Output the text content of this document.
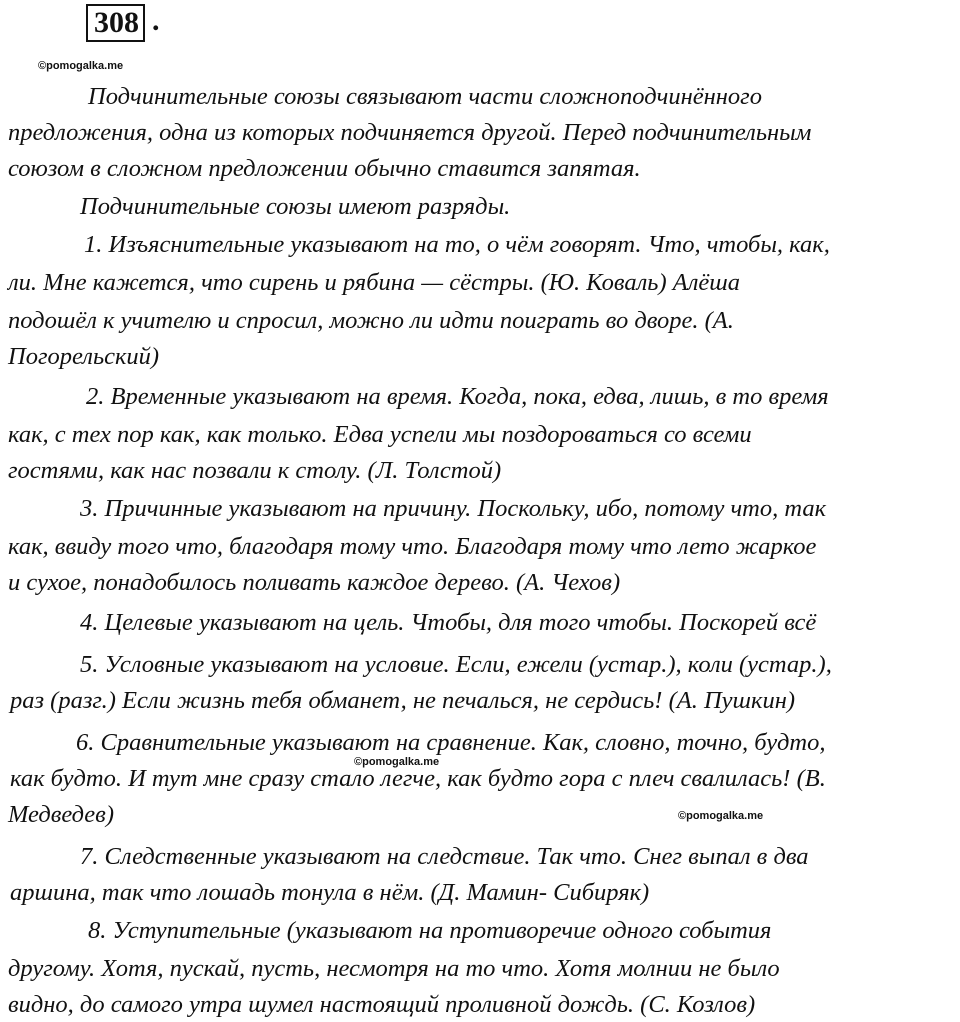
308 .
©pomogalka.me
©pomogalka.me
©pomogalka.me
Подчинительные союзы связывают части сложноподчинённого
предложения, одна из которых подчиняется другой. Перед подчинительным
союзом в сложном предложении обычно ставится запятая.
Подчинительные союзы имеют разряды.
1. Изъяснительные указывают на то, о чём говорят. Что, чтобы, как,
ли. Мне кажется, что сирень и рябина — сёстры. (Ю. Коваль) Алёша
подошёл к учителю и спросил, можно ли идти поиграть во дворе. (А.
Погорельский)
2. Временные указывают на время. Когда, пока, едва, лишь, в то время
как, с тех пор как, как только. Едва успели мы поздороваться со всеми
гостями, как нас позвали к столу. (Л. Толстой)
3. Причинные указывают на причину. Поскольку, ибо, потому что, так
как, ввиду того что, благодаря тому что. Благодаря тому что лето жаркое
и сухое, понадобилось поливать каждое дерево. (А. Чехов)
4. Целевые указывают на цель. Чтобы, для того чтобы. Поскорей всё
5. Условные указывают на условие. Если, ежели (устар.), коли (устар.),
раз (разг.) Если жизнь тебя обманет, не печалься, не сердись! (А. Пушкин)
6. Сравнительные указывают на сравнение. Как, словно, точно, будто,
как будто. И тут мне сразу стало легче, как будто гора с плеч свалилась! (В.
Медведев)
7. Следственные указывают на следствие. Так что. Снег выпал в два
аршина, так что лошадь тонула в нём. (Д. Мамин- Сибиряк)
8. Уступительные (указывают на противоречие одного события
другому. Хотя, пускай, пусть, несмотря на то что. Хотя молнии не было
видно, до самого утра шумел настоящий проливной дождь. (С. Козлов)
